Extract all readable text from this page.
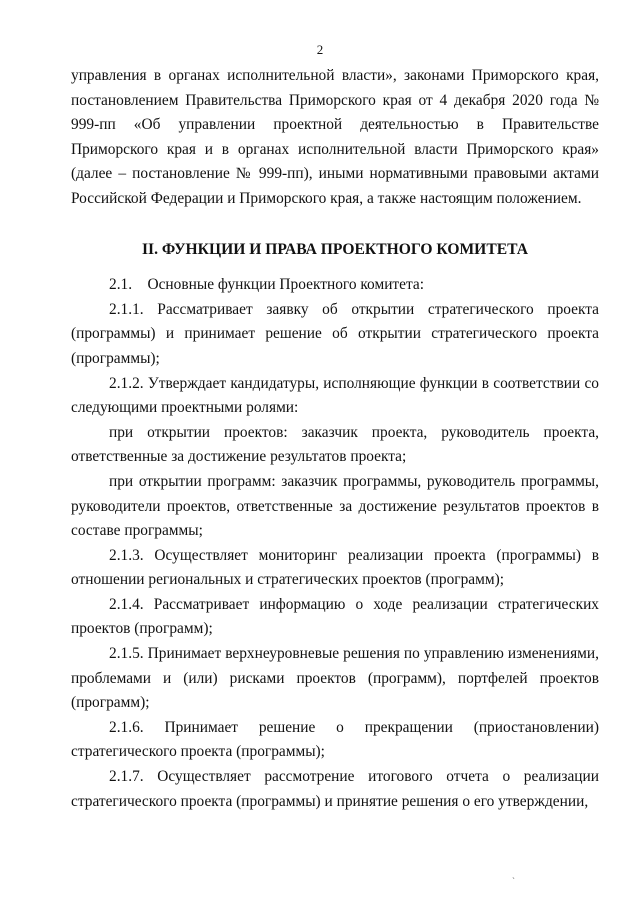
2

управления в органах исполнительной власти», законами Приморского края, постановлением Правительства Приморского края от 4 декабря 2020 года № 999-пп «Об управлении проектной деятельностью в Правительстве Приморского края и в органах исполнительной власти Приморского края» (далее – постановление № 999-пп), иными нормативными правовыми актами Российской Федерации и Приморского края, а также настоящим положением.

II. ФУНКЦИИ И ПРАВА ПРОЕКТНОГО КОМИТЕТА

2.1. Основные функции Проектного комитета:

2.1.1. Рассматривает заявку об открытии стратегического проекта (программы) и принимает решение об открытии стратегического проекта (программы);

2.1.2. Утверждает кандидатуры, исполняющие функции в соответствии со следующими проектными ролями:

при открытии проектов: заказчик проекта, руководитель проекта, ответственные за достижение результатов проекта;

при открытии программ: заказчик программы, руководитель программы, руководители проектов, ответственные за достижение результатов проектов в составе программы;

2.1.3. Осуществляет мониторинг реализации проекта (программы) в отношении региональных и стратегических проектов (программ);

2.1.4. Рассматривает информацию о ходе реализации стратегических проектов (программ);

2.1.5. Принимает верхнеуровневые решения по управлению изменениями, проблемами и (или) рисками проектов (программ), портфелей проектов (программ);

2.1.6. Принимает решение о прекращении (приостановлении) стратегического проекта (программы);

2.1.7. Осуществляет рассмотрение итогового отчета о реализации стратегического проекта (программы) и принятие решения о его утверждении,

`
